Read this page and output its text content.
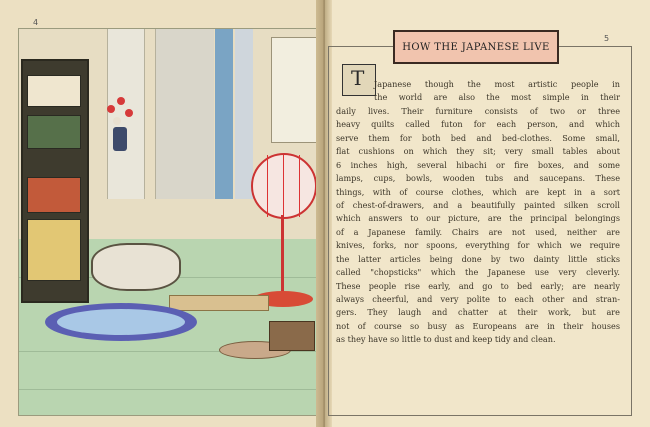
4
5
HOW THE JAPANESE LIVE
T	Japanese though the most artistic people in
the world are also the most simple in their
daily lives. Their furniture consists of two or three
heavy quilts called futon for each person, and which
serve them for both bed and bed-clothes. Some small,
flat cushions on which they sit; very small tables about
6 inches high, several hibachi or fire boxes, and some
lamps, cups, bowls, wooden tubs and saucepans. These
things, with of course clothes, which are kept in a sort
of chest-of-drawers, and a beautifully painted silken scroll
which answers to our picture, are the principal belongings
of a Japanese family. Chairs are not used, neither are
knives, forks, nor spoons, everything for which we require
the latter articles being done by two dainty little sticks
called "chopsticks" which the Japanese use very cleverly.
These people rise early, and go to bed early; are nearly
always cheerful, and very polite to each other and stran-
gers. They laugh and chatter at their work, but are
not of course so busy as Europeans are in their houses
as they have so little to dust and keep tidy and clean.
